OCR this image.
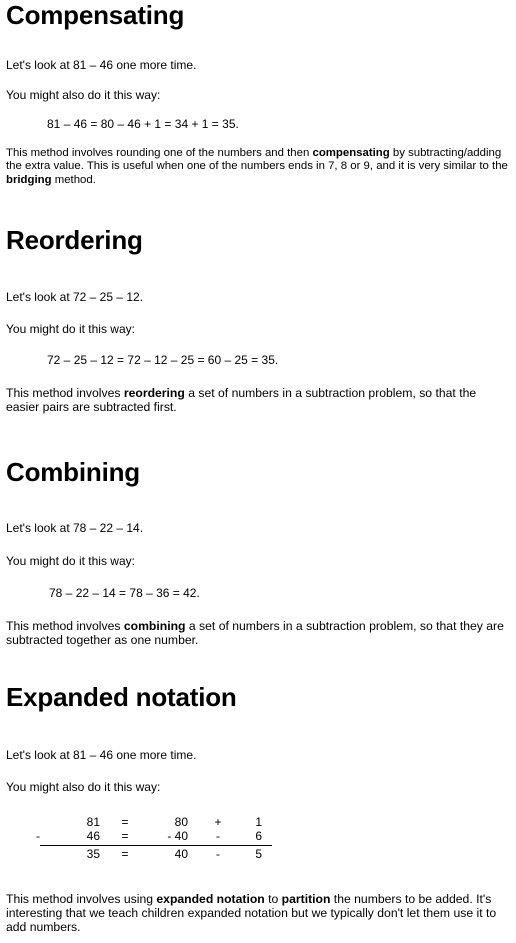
Compensating

Let's look at 81 – 46 one more time.

You might also do it this way:

81 – 46 = 80 – 46 + 1 = 34 + 1 = 35.

This method involves rounding one of the numbers and then compensating by subtracting/adding the extra value. This is useful when one of the numbers ends in 7, 8 or 9, and it is very similar to the bridging method.

Reordering

Let's look at 72 – 25 – 12.

You might do it this way:

72 – 25 – 12 = 72 – 12 – 25 = 60 – 25 = 35.

This method involves reordering a set of numbers in a subtraction problem, so that the easier pairs are subtracted first.

Combining

Let's look at 78 – 22 – 14.

You might do it this way:

78 – 22 – 14 = 78 – 36 = 42.

This method involves combining a set of numbers in a subtraction problem, so that they are subtracted together as one number.

Expanded notation

Let's look at 81 – 46 one more time.

You might also do it this way:

81 =	80 +	1
-	46 =	- 40	-	6
35 =	40	-	5

This method involves using expanded notation to partition the numbers to be added. It's interesting that we teach children expanded notation but we typically don't let them use it to add numbers.
